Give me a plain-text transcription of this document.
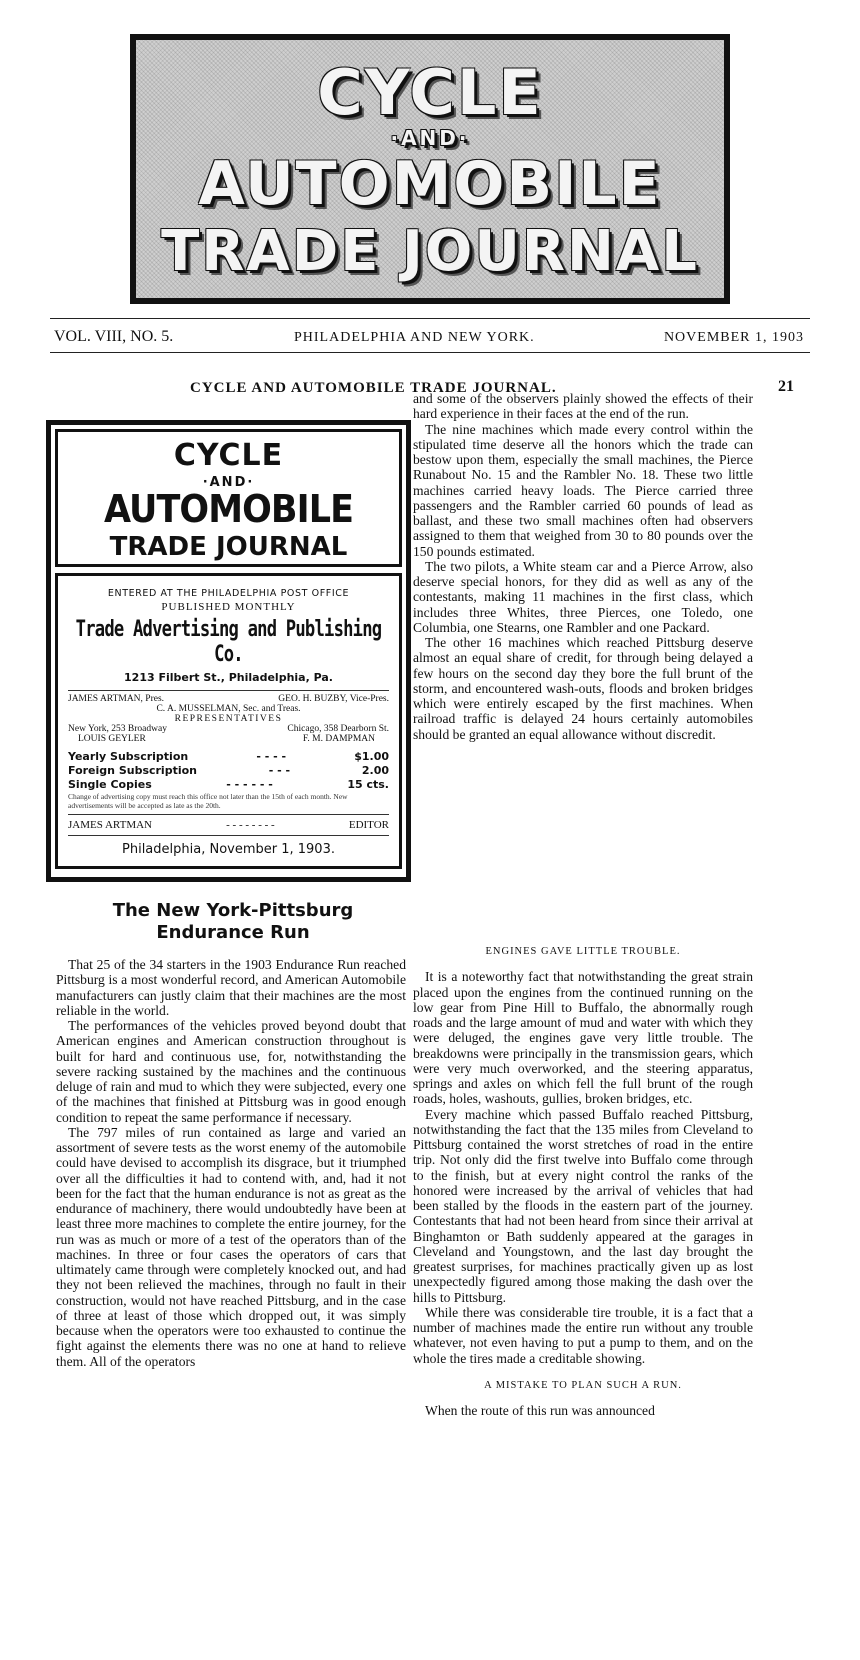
CYCLE
·AND·
AUTOMOBILE
TRADE JOURNAL
VOL. VIII, NO. 5.	PHILADELPHIA AND NEW YORK.	NOVEMBER 1, 1903
CYCLE AND AUTOMOBILE TRADE JOURNAL.	21
CYCLE
·AND·
AUTOMOBILE
TRADE JOURNAL
ENTERED AT THE PHILADELPHIA POST OFFICE
PUBLISHED MONTHLY
Trade Advertising and Publishing Co.
1213 Filbert St., Philadelphia, Pa.
JAMES ARTMAN, Pres.	GEO. H. BUZBY, Vice-Pres.
C. A. MUSSELMAN, Sec. and Treas.
REPRESENTATIVES
New York, 253 Broadway	Chicago, 358 Dearborn St.
LOUIS GEYLER	F. M. DAMPMAN
Yearly Subscription	- - - -	$1.00
Foreign Subscription	- - -	2.00
Single Copies	- - - - - -	15 cts.
Change of advertising copy must reach this office not later than the 15th of each month. New advertisements will be accepted as late as the 20th.
JAMES ARTMAN	- - - - - - - -	EDITOR
Philadelphia, November 1, 1903.
The New York-Pittsburg Endurance Run

That 25 of the 34 starters in the 1903 Endurance Run reached Pittsburg is a most wonderful record, and American Automobile manufacturers can justly claim that their machines are the most reliable in the world.

The performances of the vehicles proved beyond doubt that American engines and American construction throughout is built for hard and continuous use, for, notwithstanding the severe racking sustained by the machines and the continuous deluge of rain and mud to which they were subjected, every one of the machines that finished at Pittsburg was in good enough condition to repeat the same performance if necessary.

The 797 miles of run contained as large and varied an assortment of severe tests as the worst enemy of the automobile could have devised to accomplish its disgrace, but it triumphed over all the difficulties it had to contend with, and, had it not been for the fact that the human endurance is not as great as the endurance of machinery, there would undoubtedly have been at least three more machines to complete the entire journey, for the run was as much or more of a test of the operators than of the machines. In three or four cases the operators of cars that ultimately came through were completely knocked out, and had they not been relieved the machines, through no fault in their construction, would not have reached Pittsburg, and in the case of three at least of those which dropped out, it was simply because when the operators were too exhausted to continue the fight against the elements there was no one at hand to relieve them. All of the operators

and some of the observers plainly showed the effects of their hard experience in their faces at the end of the run.

The nine machines which made every control within the stipulated time deserve all the honors which the trade can bestow upon them, especially the small machines, the Pierce Runabout No. 15 and the Rambler No. 18. These two little machines carried heavy loads. The Pierce carried three passengers and the Rambler carried 60 pounds of lead as ballast, and these two small machines often had observers assigned to them that weighed from 30 to 80 pounds over the 150 pounds estimated.

The two pilots, a White steam car and a Pierce Arrow, also deserve special honors, for they did as well as any of the contestants, making 11 machines in the first class, which includes three Whites, three Pierces, one Toledo, one Columbia, one Stearns, one Rambler and one Packard.

The other 16 machines which reached Pittsburg deserve almost an equal share of credit, for through being delayed a few hours on the second day they bore the full brunt of the storm, and encountered wash-outs, floods and broken bridges which were entirely escaped by the first machines. When railroad traffic is delayed 24 hours certainly automobiles should be granted an equal allowance without discredit.

ENGINES GAVE LITTLE TROUBLE.

It is a noteworthy fact that notwithstanding the great strain placed upon the engines from the continued running on the low gear from Pine Hill to Buffalo, the abnormally rough roads and the large amount of mud and water with which they were deluged, the engines gave very little trouble. The breakdowns were principally in the transmission gears, which were very much overworked, and the steering apparatus, springs and axles on which fell the full brunt of the rough roads, holes, washouts, gullies, broken bridges, etc.

Every machine which passed Buffalo reached Pittsburg, notwithstanding the fact that the 135 miles from Cleveland to Pittsburg contained the worst stretches of road in the entire trip. Not only did the first twelve into Buffalo come through to the finish, but at every night control the ranks of the honored were increased by the arrival of vehicles that had been stalled by the floods in the eastern part of the journey. Contestants that had not been heard from since their arrival at Binghamton or Bath suddenly appeared at the garages in Cleveland and Youngstown, and the last day brought the greatest surprises, for machines practically given up as lost unexpectedly figured among those making the dash over the hills to Pittsburg.

While there was considerable tire trouble, it is a fact that a number of machines made the entire run without any trouble whatever, not even having to put a pump to them, and on the whole the tires made a creditable showing.

A MISTAKE TO PLAN SUCH A RUN.

When the route of this run was announced
